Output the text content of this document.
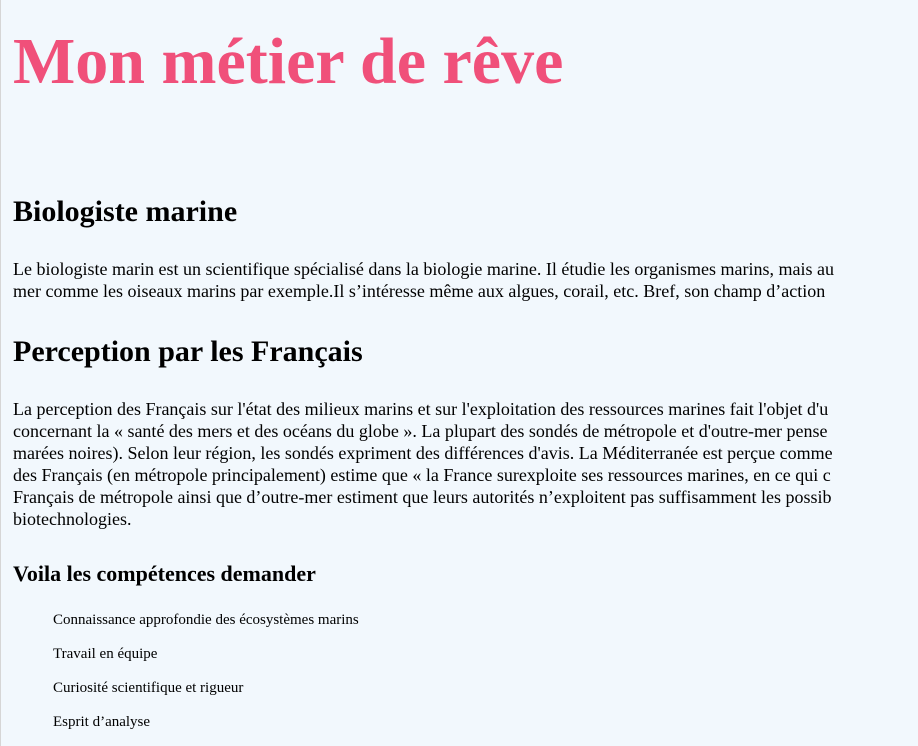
Mon métier de rêve
Biologiste marine

Le biologiste marin est un scientifique spécialisé dans la biologie marine. Il étudie les organismes marins, mais au
mer comme les oiseaux marins par exemple.Il s’intéresse même aux algues, corail, etc. Bref, son champ d’action

Perception par les Français

La perception des Français sur l'état des milieux marins et sur l'exploitation des ressources marines fait l'objet d'u
concernant la « santé des mers et des océans du globe ». La plupart des sondés de métropole et d'outre-mer pense
marées noires). Selon leur région, les sondés expriment des différences d'avis. La Méditerranée est perçue comme
des Français (en métropole principalement) estime que « la France surexploite ses ressources marines, en ce qui c
Français de métropole ainsi que d’outre-mer estiment que leurs autorités n’exploitent pas suffisamment les possib
biotechnologies.

Voila les compétences demander
Connaissance approfondie des écosystèmes marins
Travail en équipe
Curiosité scientifique et rigueur
Esprit d’analyse
